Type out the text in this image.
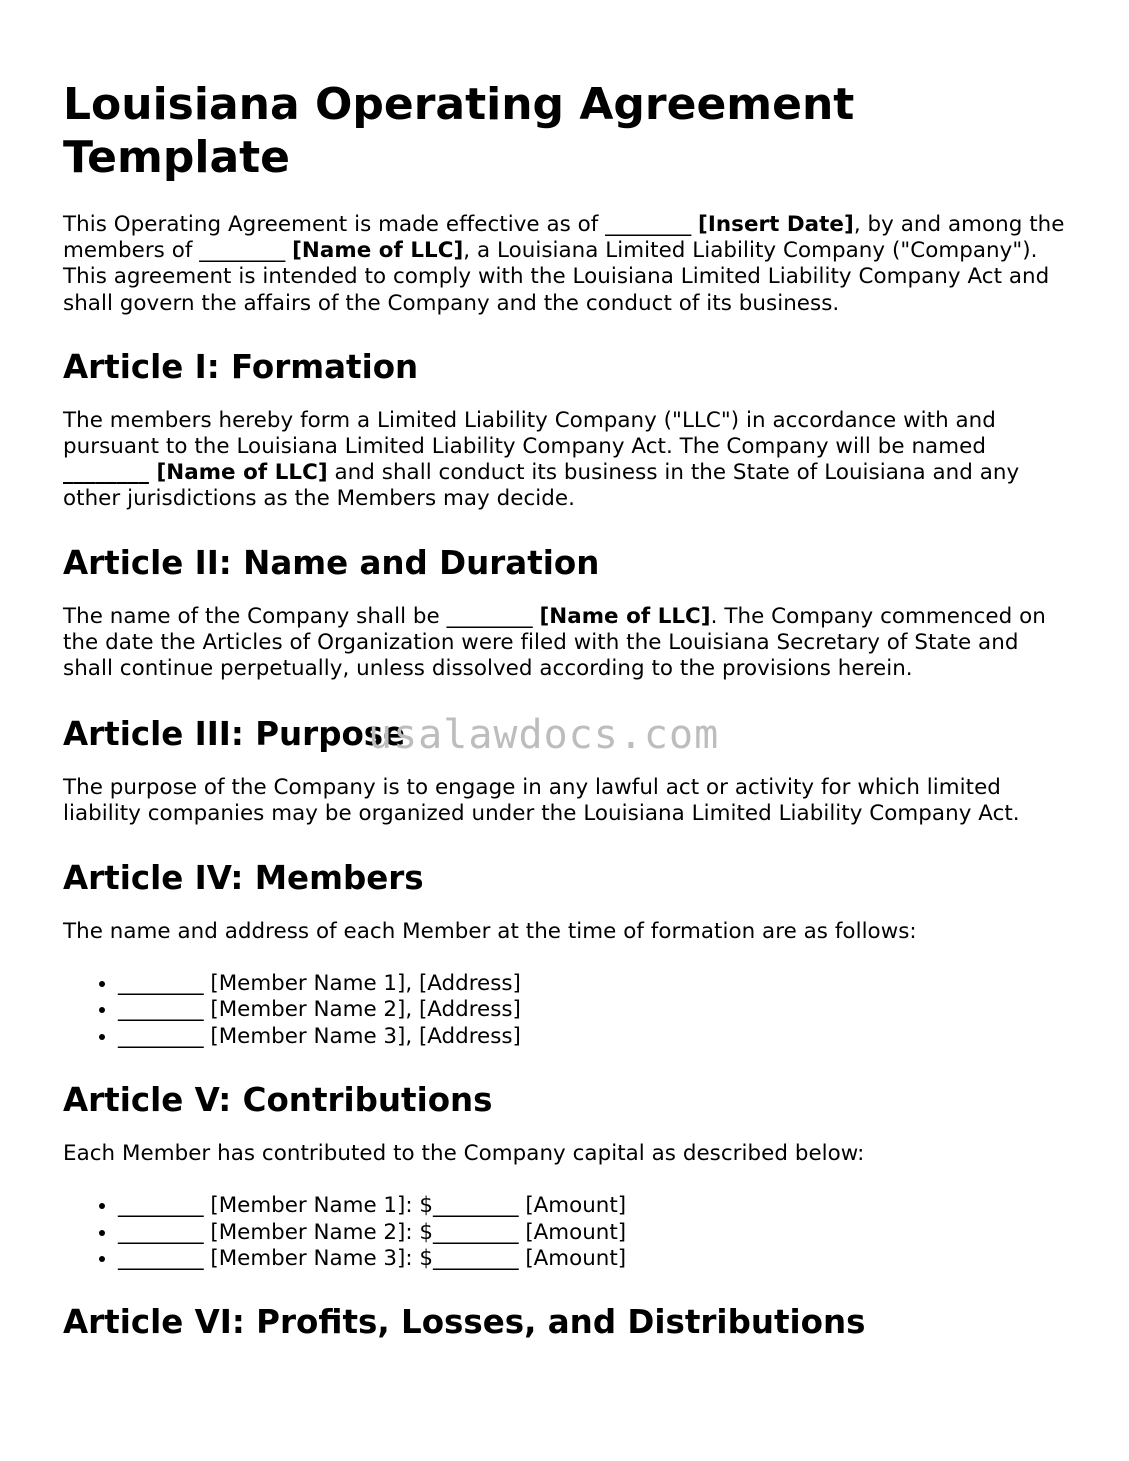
Louisiana Operating Agreement Template

This Operating Agreement is made effective as of ________ [Insert Date], by and among the members of ________ [Name of LLC], a Louisiana Limited Liability Company ("Company"). This agreement is intended to comply with the Louisiana Limited Liability Company Act and shall govern the affairs of the Company and the conduct of its business.

Article I: Formation

The members hereby form a Limited Liability Company ("LLC") in accordance with and pursuant to the Louisiana Limited Liability Company Act. The Company will be named ________ [Name of LLC] and shall conduct its business in the State of Louisiana and any other jurisdictions as the Members may decide.

Article II: Name and Duration

The name of the Company shall be ________ [Name of LLC]. The Company commenced on the date the Articles of Organization were filed with the Louisiana Secretary of State and shall continue perpetually, unless dissolved according to the provisions herein.

Article III: Purpose

The purpose of the Company is to engage in any lawful act or activity for which limited liability companies may be organized under the Louisiana Limited Liability Company Act.

Article IV: Members

The name and address of each Member at the time of formation are as follows:

• ________ [Member Name 1], [Address]
• ________ [Member Name 2], [Address]
• ________ [Member Name 3], [Address]
Article V: Contributions

Each Member has contributed to the Company capital as described below:

• ________ [Member Name 1]: $________ [Amount]
• ________ [Member Name 2]: $________ [Amount]
• ________ [Member Name 3]: $________ [Amount]
Article VI: Profits, Losses, and Distributions
usalawdocs.com
